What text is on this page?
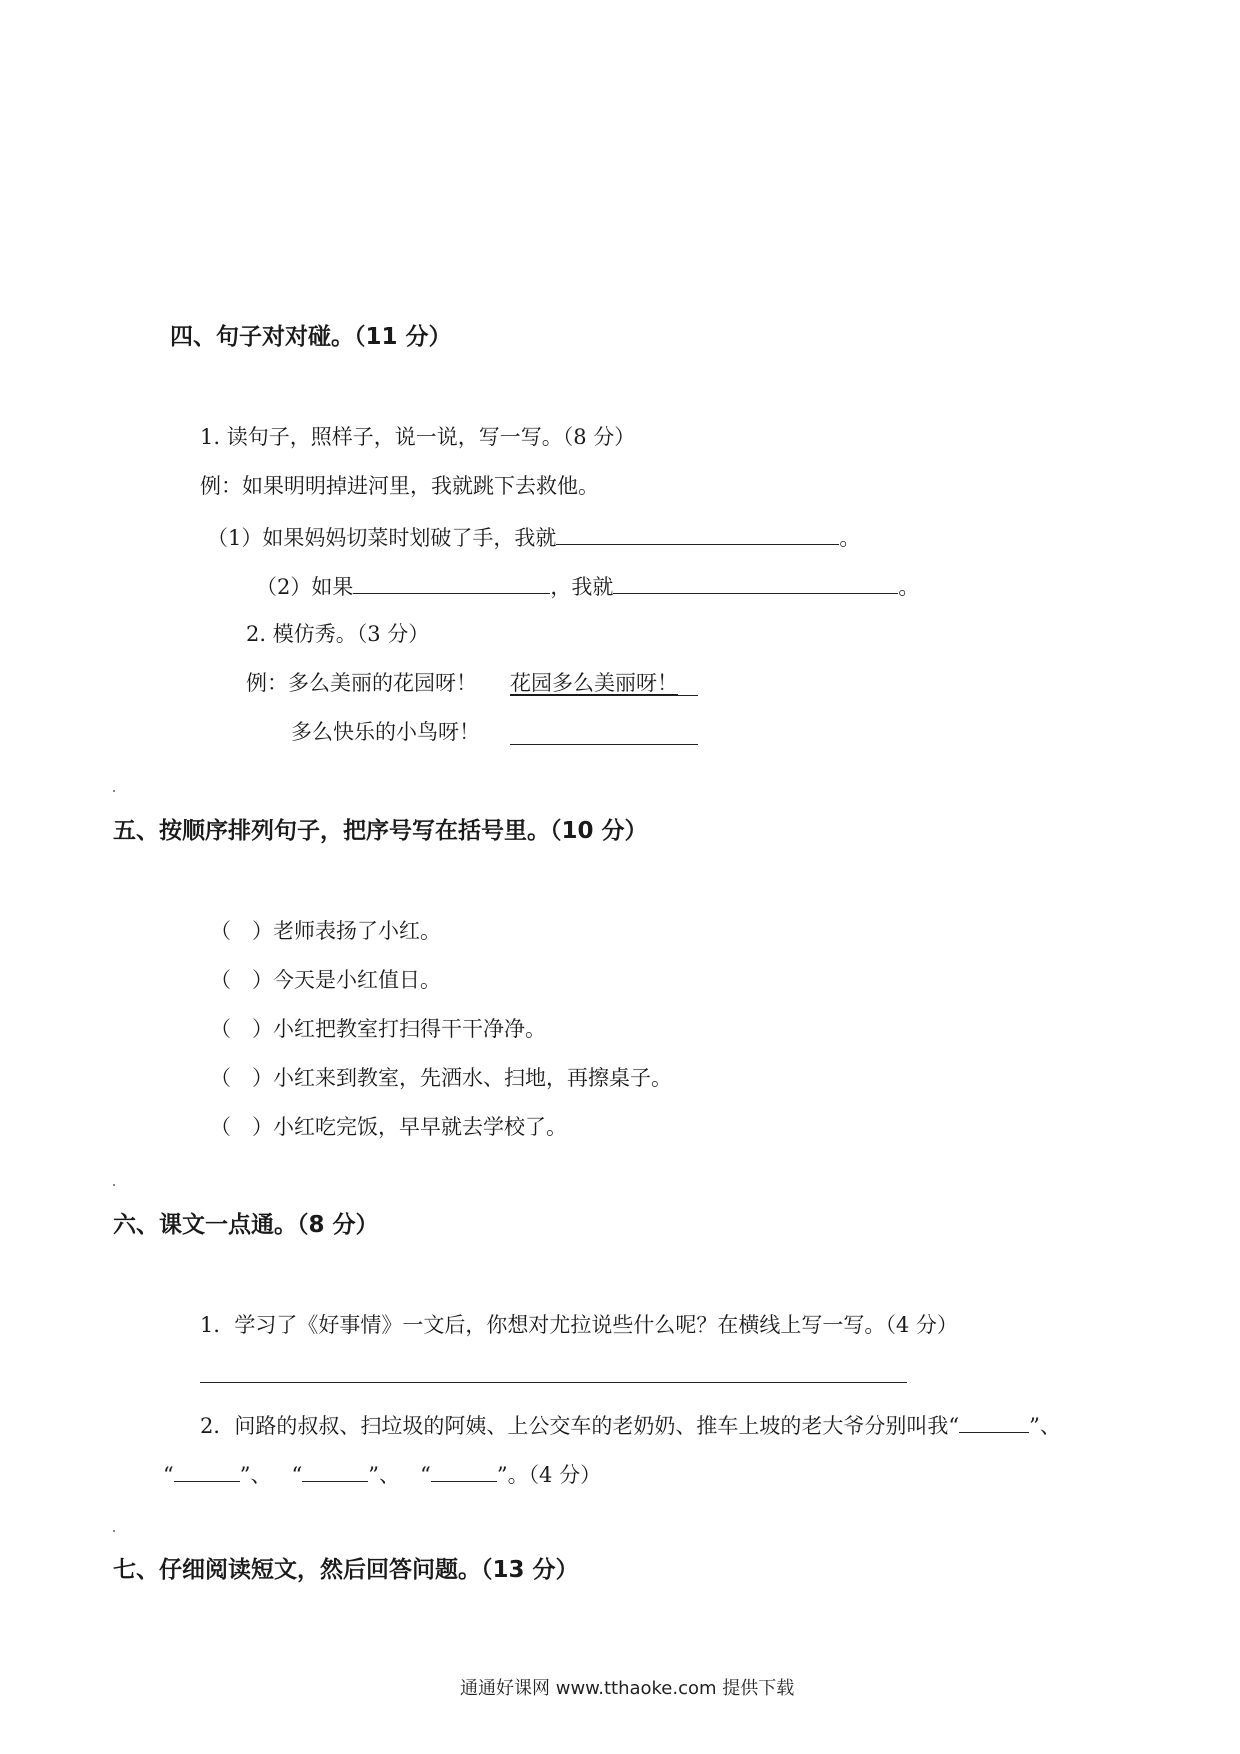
四、句子对对碰。（11 分）
1. 读句子，照样子，说一说，写一写。（8 分）
例：如果明明掉进河里，我就跳下去救他。
（1）如果妈妈切菜时划破了手，我就	。
（2）如果	，我就	。
2. 模仿秀。（3 分）
例：多么美丽的花园呀！ 花园多么美丽呀！
多么快乐的小鸟呀！
五、按顺序排列句子，把序号写在括号里。（10 分）
（　）老师表扬了小红。
（　）今天是小红值日。
（　）小红把教室打扫得干干净净。
（　）小红来到教室，先洒水、扫地，再擦桌子。
（　）小红吃完饭，早早就去学校了。
六、课文一点通。（8 分）
1．学习了《好事情》一文后，你想对尤拉说些什么呢？在横线上写一写。（4 分）
2．问路的叔叔、扫垃圾的阿姨、上公交车的老奶奶、推车上坡的老大爷分别叫我“	”、
“	”、 “	”、 “	”。（4 分）
七、仔细阅读短文，然后回答问题。（13 分）
通通好课网 www.tthaoke.com 提供下载
